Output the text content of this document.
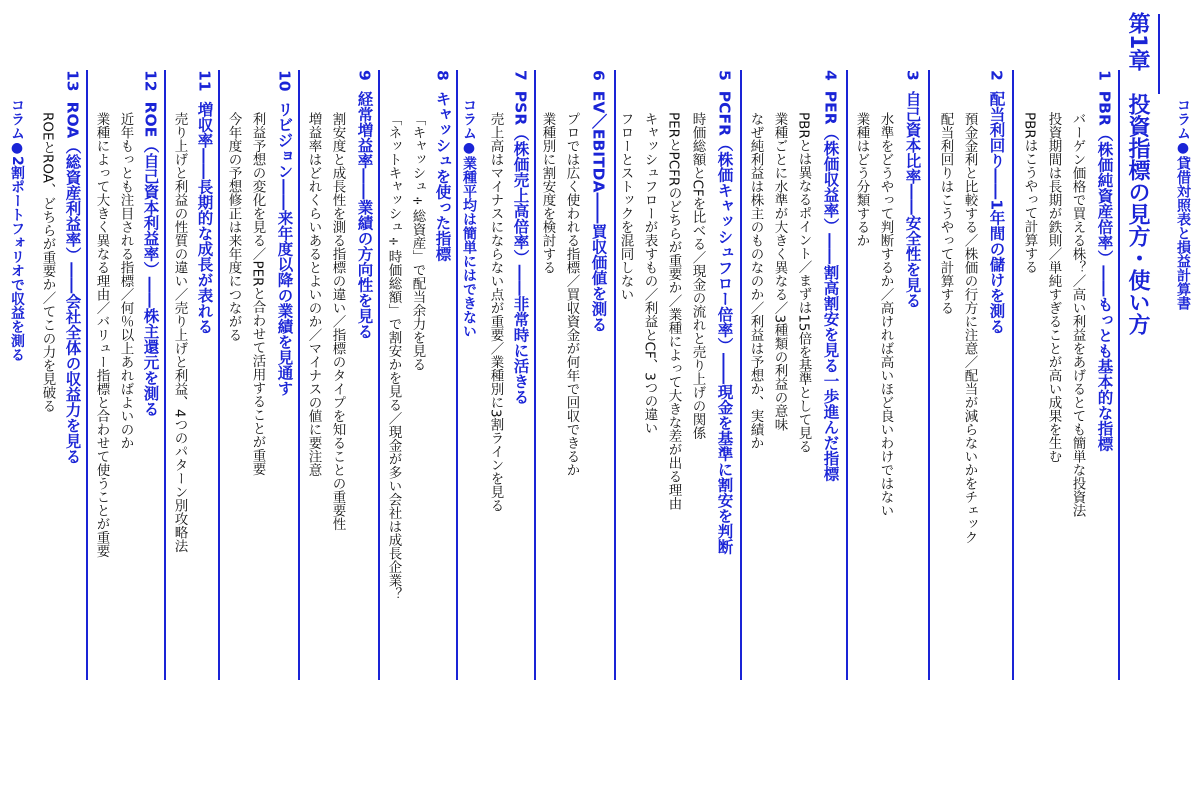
コラム●貸借対照表と損益計算書
第1章　投資指標の見方・使い方
1PBR（株価純資産倍率）――もっとも基本的な指標
バーゲン価格で買える株？／高い利益をあげるとても簡単な投資法
投資期間は長期が鉄則／単純すぎることが高い成果を生む
PBRはこうやって計算する
2配当利回り――1年間の儲けを測る
預金金利と比較する／株価の行方に注意／配当が減らないかをチェック
配当利回りはこうやって計算する
3自己資本比率――安全性を見る
水準をどうやって判断するか／高ければ高いほど良いわけではない
業種はどう分類するか
4PER（株価収益率）――割高割安を見る一歩進んだ指標
PBRとは異なるポイント／まずは15倍を基準として見る
業種ごとに水準が大きく異なる／3種類の利益の意味
なぜ純利益は株主のものなのか／利益は予想か、実績か
5PCFR（株価キャッシュフロー倍率）――現金を基準に割安を判断
時価総額とCFを比べる／現金の流れと売り上げの関係
PERとPCFRのどちらが重要か／業種によって大きな差が出る理由
キャッシュフローが表すもの／利益とCF、3つの違い
フローとストックを混同しない
6EV／EBITDA――買収価値を測る
プロでは広く使われる指標／買収資金が何年で回収できるか
業種別に割安度を検討する
7PSR（株価売上高倍率）――非常時に活きる
売上高はマイナスにならない点が重要／業種別に3割ラインを見る
コラム●業種平均は簡単にはできない
8キャッシュを使った指標
「キャッシュ÷総資産」で配当余力を見る
「ネットキャッシュ÷時価総額」で割安かを見る／現金が多い会社は成長企業？
9経常増益率――業績の方向性を見る
割安度と成長性を測る指標の違い／指標のタイプを知ることの重要性
増益率はどれくらいあるとよいのか／マイナスの値に要注意
10リビジョン――来年度以降の業績を見通す
利益予想の変化を見る／PERと合わせて活用することが重要
今年度の予想修正は来年度につながる
11増収率――長期的な成長が表れる
売り上げと利益の性質の違い／売り上げと利益、4つのパターン別攻略法
12ROE（自己資本利益率）――株主還元を測る
近年もっとも注目される指標／何％以上あればよいのか
業種によって大きく異なる理由／バリュー指標と合わせて使うことが重要
13ROA（総資産利益率）――会社全体の収益力を見る
ROEとROA、どちらが重要か／てこの力を見破る
コラム●2割ポートフォリオで収益を測る
